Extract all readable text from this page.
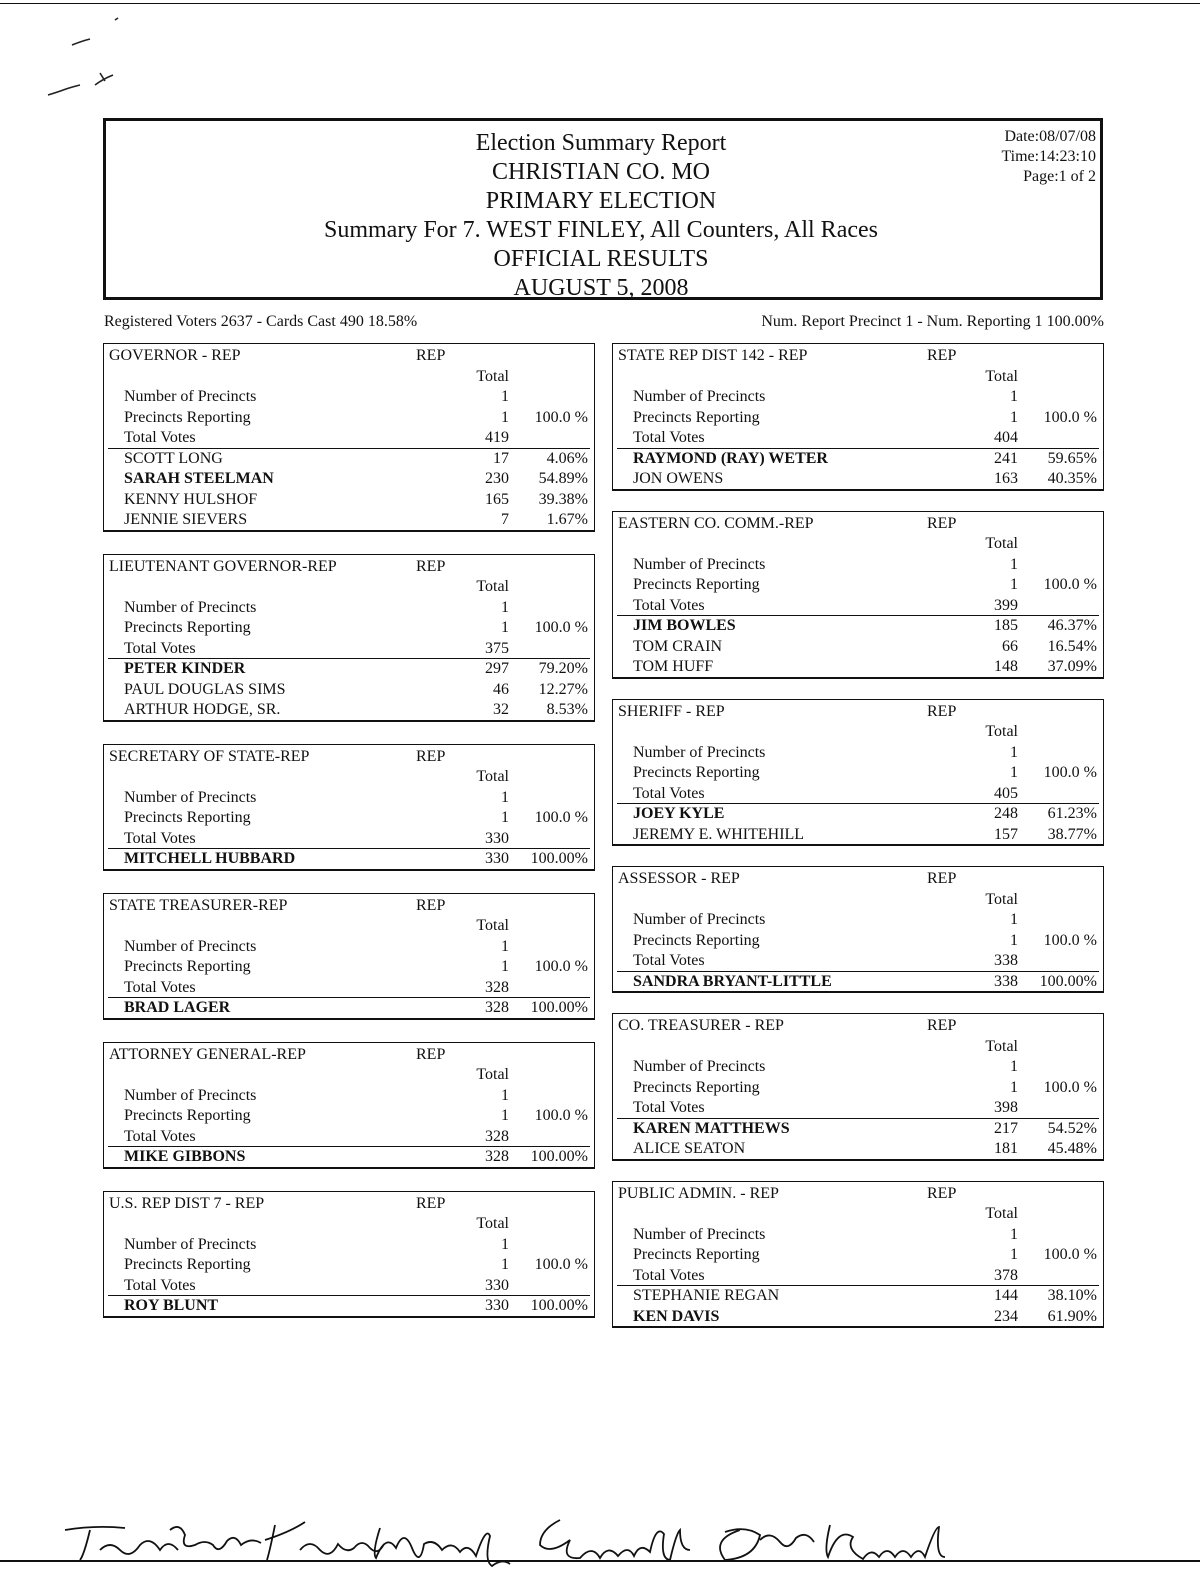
Election Summary Report
CHRISTIAN CO. MO
PRIMARY ELECTION
Summary For 7. WEST FINLEY, All Counters, All Races
OFFICIAL RESULTS
AUGUST 5, 2008
Date:08/07/08
Time:14:23:10
Page:1 of 2
Registered Voters 2637 - Cards Cast 490 18.58%	Num. Report Precinct 1 - Num. Reporting 1 100.00%
GOVERNOR - REP	REP
Total
Number of Precincts	1
Precincts Reporting	1	100.0 %
Total Votes	419
SCOTT LONG	17	4.06%
SARAH STEELMAN	230	54.89%
KENNY HULSHOF	165	39.38%
JENNIE SIEVERS	7	1.67%
LIEUTENANT GOVERNOR-REP	REP
Total
Number of Precincts	1
Precincts Reporting	1	100.0 %
Total Votes	375
PETER KINDER	297	79.20%
PAUL DOUGLAS SIMS	46	12.27%
ARTHUR HODGE, SR.	32	8.53%
SECRETARY OF STATE-REP	REP
Total
Number of Precincts	1
Precincts Reporting	1	100.0 %
Total Votes	330
MITCHELL HUBBARD	330	100.00%
STATE TREASURER-REP	REP
Total
Number of Precincts	1
Precincts Reporting	1	100.0 %
Total Votes	328
BRAD LAGER	328	100.00%
ATTORNEY GENERAL-REP	REP
Total
Number of Precincts	1
Precincts Reporting	1	100.0 %
Total Votes	328
MIKE GIBBONS	328	100.00%
U.S. REP DIST 7 - REP	REP
Total
Number of Precincts	1
Precincts Reporting	1	100.0 %
Total Votes	330
ROY BLUNT	330	100.00%
STATE REP DIST 142 - REP	REP
Total
Number of Precincts	1
Precincts Reporting	1	100.0 %
Total Votes	404
RAYMOND (RAY) WETER	241	59.65%
JON OWENS	163	40.35%
EASTERN CO. COMM.-REP	REP
Total
Number of Precincts	1
Precincts Reporting	1	100.0 %
Total Votes	399
JIM BOWLES	185	46.37%
TOM CRAIN	66	16.54%
TOM HUFF	148	37.09%
SHERIFF - REP	REP
Total
Number of Precincts	1
Precincts Reporting	1	100.0 %
Total Votes	405
JOEY KYLE	248	61.23%
JEREMY E. WHITEHILL	157	38.77%
ASSESSOR - REP	REP
Total
Number of Precincts	1
Precincts Reporting	1	100.0 %
Total Votes	338
SANDRA BRYANT-LITTLE	338	100.00%
CO. TREASURER - REP	REP
Total
Number of Precincts	1
Precincts Reporting	1	100.0 %
Total Votes	398
KAREN MATTHEWS	217	54.52%
ALICE SEATON	181	45.48%
PUBLIC ADMIN. - REP	REP
Total
Number of Precincts	1
Precincts Reporting	1	100.0 %
Total Votes	378
STEPHANIE REGAN	144	38.10%
KEN DAVIS	234	61.90%
